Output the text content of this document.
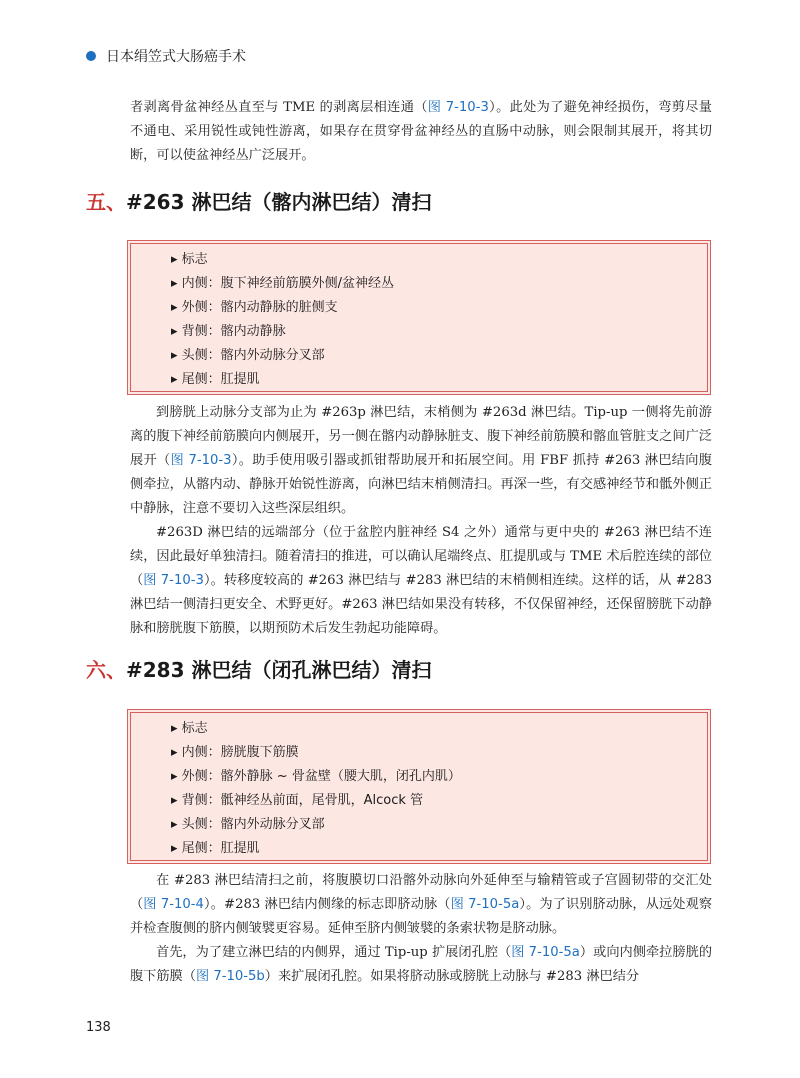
日本绢笠式大肠癌手术

者剥离骨盆神经丛直至与 TME 的剥离层相连通（图 7-10-3）。此处为了避免神经损伤，弯剪尽量不通电、采用锐性或钝性游离，如果存在贯穿骨盆神经丛的直肠中动脉，则会限制其展开，将其切断，可以使盆神经丛广泛展开。

五、#263 淋巴结（髂内淋巴结）清扫
▸ 标志
▸ 内侧：腹下神经前筋膜外侧/盆神经丛
▸ 外侧：髂内动静脉的脏侧支
▸ 背侧：髂内动静脉
▸ 头侧：髂内外动脉分叉部
▸ 尾侧：肛提肌

到膀胱上动脉分支部为止为 #263p 淋巴结，末梢侧为 #263d 淋巴结。Tip-up 一侧将先前游离的腹下神经前筋膜向内侧展开，另一侧在髂内动静脉脏支、腹下神经前筋膜和髂血管脏支之间广泛展开（图 7-10-3）。助手使用吸引器或抓钳帮助展开和拓展空间。用 FBF 抓持 #263 淋巴结向腹侧牵拉，从髂内动、静脉开始锐性游离，向淋巴结末梢侧清扫。再深一些，有交感神经节和骶外侧正中静脉，注意不要切入这些深层组织。

#263D 淋巴结的远端部分（位于盆腔内脏神经 S4 之外）通常与更中央的 #263 淋巴结不连续，因此最好单独清扫。随着清扫的推进，可以确认尾端终点、肛提肌或与 TME 术后腔连续的部位（图 7-10-3）。转移度较高的 #263 淋巴结与 #283 淋巴结的末梢侧相连续。这样的话，从 #283 淋巴结一侧清扫更安全、术野更好。#263 淋巴结如果没有转移，不仅保留神经，还保留膀胱下动静脉和膀胱腹下筋膜，以期预防术后发生勃起功能障碍。

六、#283 淋巴结（闭孔淋巴结）清扫
▸ 标志
▸ 内侧：膀胱腹下筋膜
▸ 外侧：髂外静脉 ~ 骨盆壁（腰大肌，闭孔内肌）
▸ 背侧：骶神经丛前面，尾骨肌，Alcock 管
▸ 头侧：髂内外动脉分叉部
▸ 尾侧：肛提肌

在 #283 淋巴结清扫之前，将腹膜切口沿髂外动脉向外延伸至与输精管或子宫圆韧带的交汇处（图 7-10-4）。#283 淋巴结内侧缘的标志即脐动脉（图 7-10-5a）。为了识别脐动脉，从远处观察并检查腹侧的脐内侧皱襞更容易。延伸至脐内侧皱襞的条索状物是脐动脉。

首先，为了建立淋巴结的内侧界，通过 Tip-up 扩展闭孔腔（图 7-10-5a）或向内侧牵拉膀胱的腹下筋膜（图 7-10-5b）来扩展闭孔腔。如果将脐动脉或膀胱上动脉与 #283 淋巴结分

138
